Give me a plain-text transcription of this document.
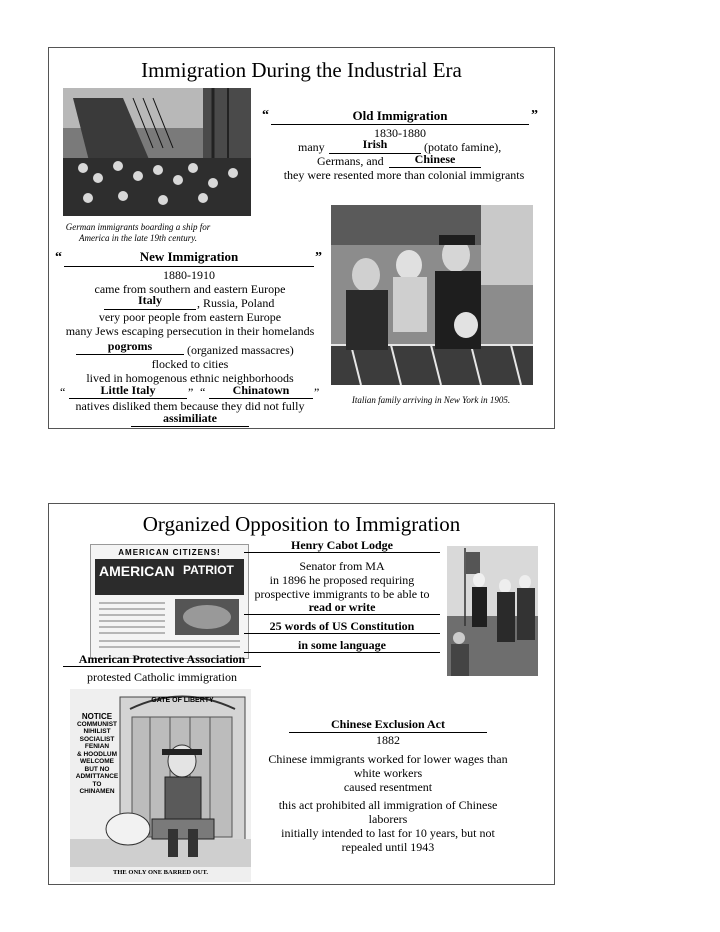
Immigration During the Industrial Era
“	Old Immigration	”
1830-1880
many	Irish	(potato famine),
Germans, and	Chinese
they were resented more than colonial immigrants
German immigrants boarding a ship for America in the late 19th century.
“	New Immigration	”
1880-1910
came from southern and eastern Europe
Italy	, Russia, Poland
very poor people from eastern Europe
many Jews escaping persecution in their homelands
pogroms	(organized massacres)
flocked to cities
lived in homogenous ethnic neighborhoods
“	Little Italy	” “	Chinatown	”
natives disliked them because they did not fully
assimiliate
Italian family arriving in New York in 1905.
Organized Opposition to Immigration
AMERICAN CITIZENS!
AMERICAN PATRIOT
Henry Cabot Lodge
Senator from MA
in 1896 he proposed requiring
prospective immigrants to be able to
read or write
25 words of US Constitution
in some language
American Protective Association
protested Catholic immigration
GATE OF LIBERTY
NOTICE
COMMUNIST
NIHILIST
SOCIALIST
FENIAN
& HOODLUM
WELCOME
BUT NO
ADMITTANCE
TO
CHINAMEN
THE ONLY ONE BARRED OUT.
Chinese Exclusion Act
1882
Chinese immigrants worked for lower wages than
white workers
caused resentment
this act prohibited all immigration of Chinese
laborers
initially intended to last for 10 years, but not
repealed until 1943
